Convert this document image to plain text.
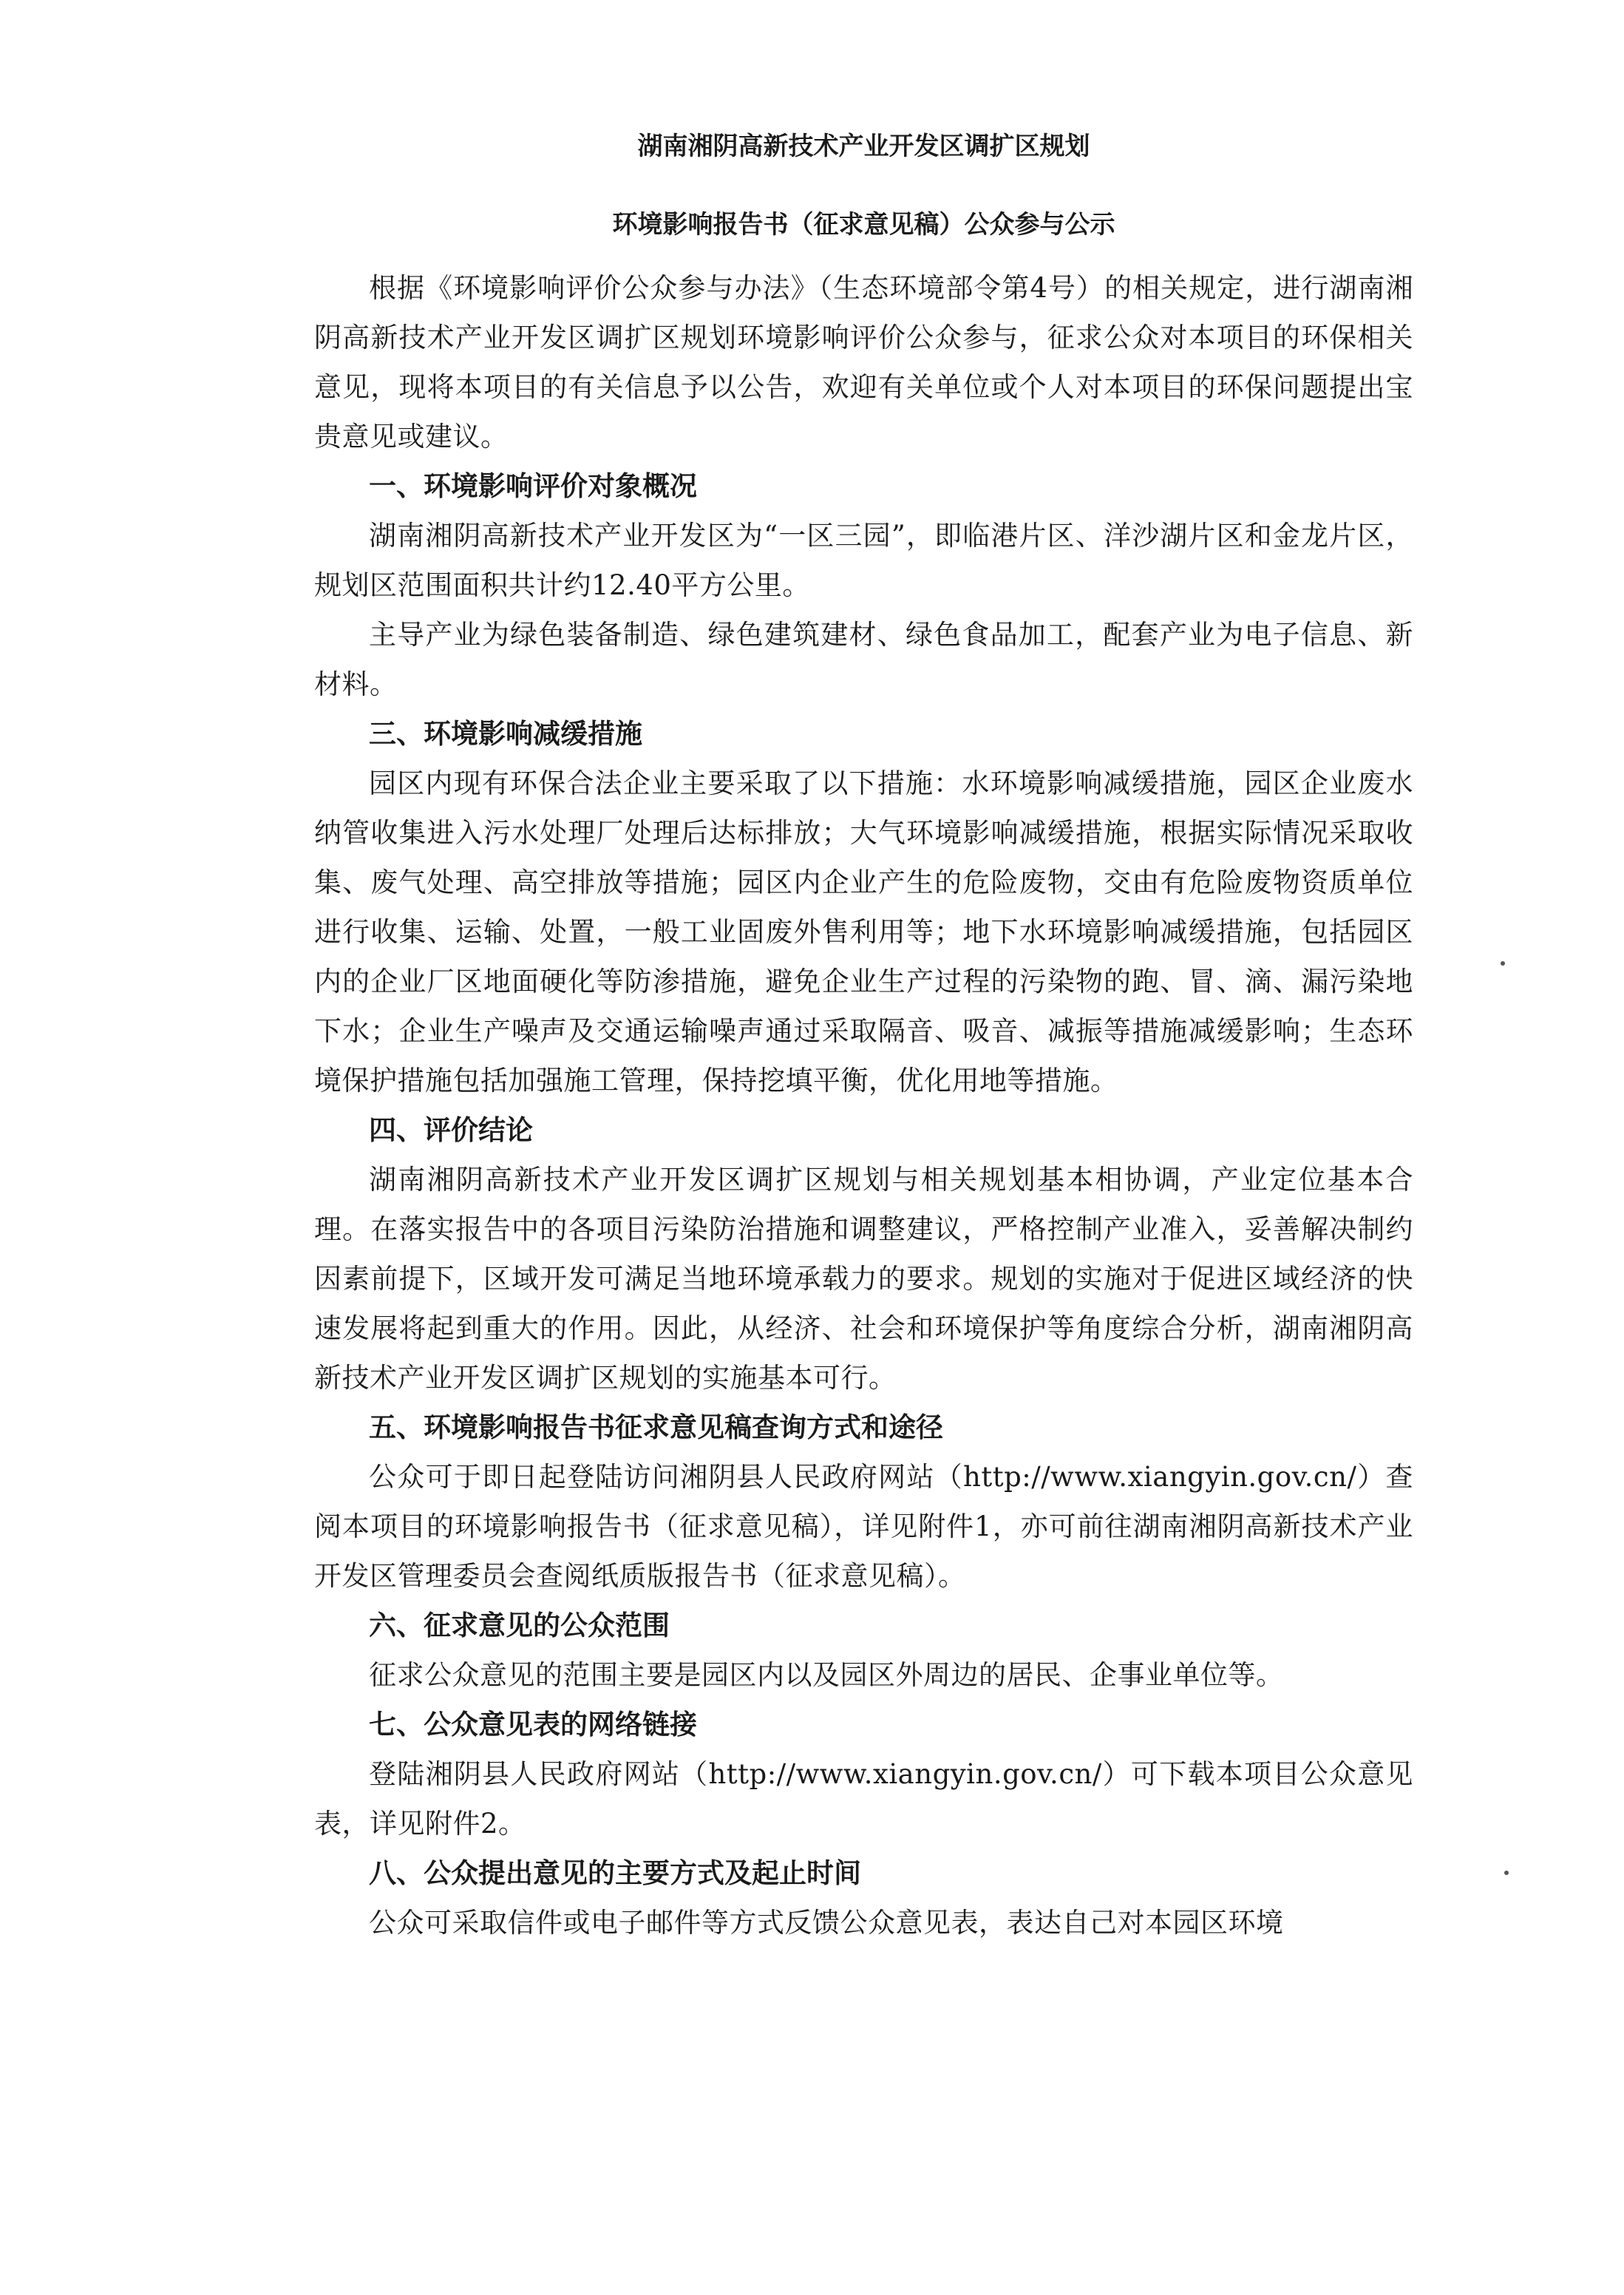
湖南湘阴高新技术产业开发区调扩区规划
环境影响报告书（征求意见稿）公众参与公示

根据《环境影响评价公众参与办法》（生态环境部令第4号）的相关规定，进行湖南湘阴高新技术产业开发区调扩区规划环境影响评价公众参与，征求公众对本项目的环保相关意见，现将本项目的有关信息予以公告，欢迎有关单位或个人对本项目的环保问题提出宝贵意见或建议。

一、环境影响评价对象概况

湖南湘阴高新技术产业开发区为“一区三园”，即临港片区、洋沙湖片区和金龙片区，规划区范围面积共计约12.40平方公里。

主导产业为绿色装备制造、绿色建筑建材、绿色食品加工，配套产业为电子信息、新材料。

三、环境影响减缓措施

园区内现有环保合法企业主要采取了以下措施：水环境影响减缓措施，园区企业废水纳管收集进入污水处理厂处理后达标排放；大气环境影响减缓措施，根据实际情况采取收集、废气处理、高空排放等措施；园区内企业产生的危险废物，交由有危险废物资质单位进行收集、运输、处置，一般工业固废外售利用等；地下水环境影响减缓措施，包括园区内的企业厂区地面硬化等防渗措施，避免企业生产过程的污染物的跑、冒、滴、漏污染地下水；企业生产噪声及交通运输噪声通过采取隔音、吸音、减振等措施减缓影响；生态环境保护措施包括加强施工管理，保持挖填平衡，优化用地等措施。

四、评价结论

湖南湘阴高新技术产业开发区调扩区规划与相关规划基本相协调，产业定位基本合理。在落实报告中的各项目污染防治措施和调整建议，严格控制产业准入，妥善解决制约因素前提下，区域开发可满足当地环境承载力的要求。规划的实施对于促进区域经济的快速发展将起到重大的作用。因此，从经济、社会和环境保护等角度综合分析，湖南湘阴高新技术产业开发区调扩区规划的实施基本可行。

五、环境影响报告书征求意见稿查询方式和途径

公众可于即日起登陆访问湘阴县人民政府网站（http://www.xiangyin.gov.cn/）查阅本项目的环境影响报告书（征求意见稿），详见附件1，亦可前往湖南湘阴高新技术产业开发区管理委员会查阅纸质版报告书（征求意见稿）。

六、征求意见的公众范围

征求公众意见的范围主要是园区内以及园区外周边的居民、企事业单位等。

七、公众意见表的网络链接

登陆湘阴县人民政府网站（http://www.xiangyin.gov.cn/）可下载本项目公众意见表，详见附件2。

八、公众提出意见的主要方式及起止时间

公众可采取信件或电子邮件等方式反馈公众意见表，表达自己对本园区环境
